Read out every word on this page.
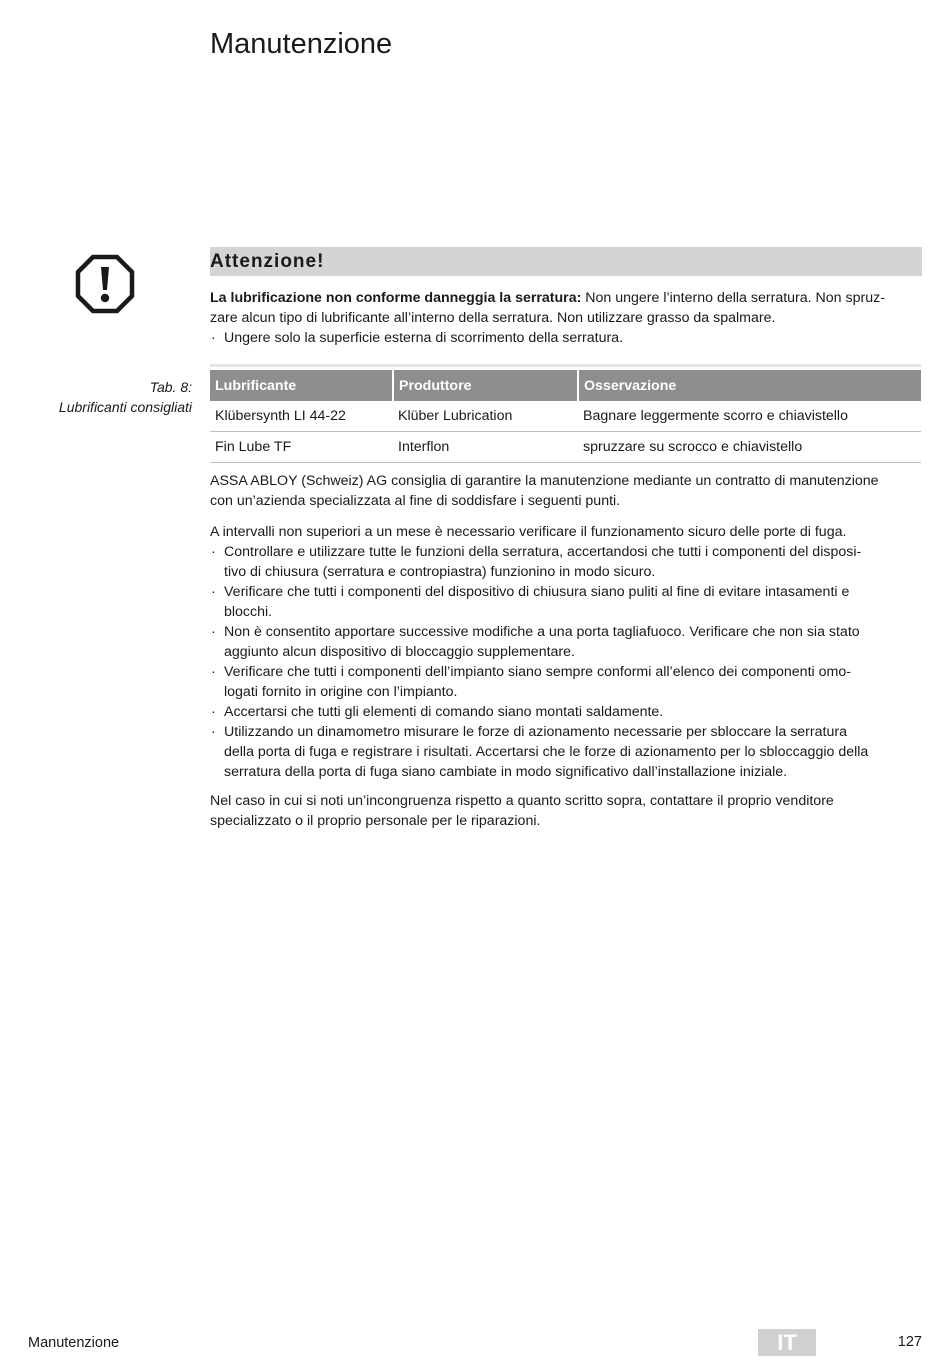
Manutenzione
Attenzione!

La lubrificazione non conforme danneggia la serratura: Non ungere l’interno della serratura. Non spruz-

zare alcun tipo di lubrificante all’interno della serratura. Non utilizzare grasso da spalmare.

· Ungere solo la superficie esterna di scorrimento della serratura.

Tab. 8:
Lubrificanti consigliati
Lubrificante	Produttore	Osservazione
Klübersynth LI 44-22	Klüber Lubrication	Bagnare leggermente scorro e chiavistello
Fin Lube TF	Interflon	spruzzare su scrocco e chiavistello

ASSA ABLOY (Schweiz) AG consiglia di garantire la manutenzione mediante un contratto di manutenzione

con un’azienda specializzata al fine di soddisfare i seguenti punti.

A intervalli non superiori a un mese è necessario verificare il funzionamento sicuro delle porte di fuga.

· Controllare e utilizzare tutte le funzioni della serratura, accertandosi che tutti i componenti del disposi-

tivo di chiusura (serratura e contropiastra) funzionino in modo sicuro.

· Verificare che tutti i componenti del dispositivo di chiusura siano puliti al fine di evitare intasamenti e

blocchi.

· Non è consentito apportare successive modifiche a una porta tagliafuoco. Verificare che non sia stato

aggiunto alcun dispositivo di bloccaggio supplementare.

· Verificare che tutti i componenti dell’impianto siano sempre conformi all’elenco dei componenti omo-

logati fornito in origine con l’impianto.

· Accertarsi che tutti gli elementi di comando siano montati saldamente.

· Utilizzando un dinamometro misurare le forze di azionamento necessarie per sbloccare la serratura

della porta di fuga e registrare i risultati. Accertarsi che le forze di azionamento per lo sbloccaggio della

serratura della porta di fuga siano cambiate in modo significativo dall’installazione iniziale.

Nel caso in cui si noti un’incongruenza rispetto a quanto scritto sopra, contattare il proprio venditore

specializzato o il proprio personale per le riparazioni.

Manutenzione	IT	127
